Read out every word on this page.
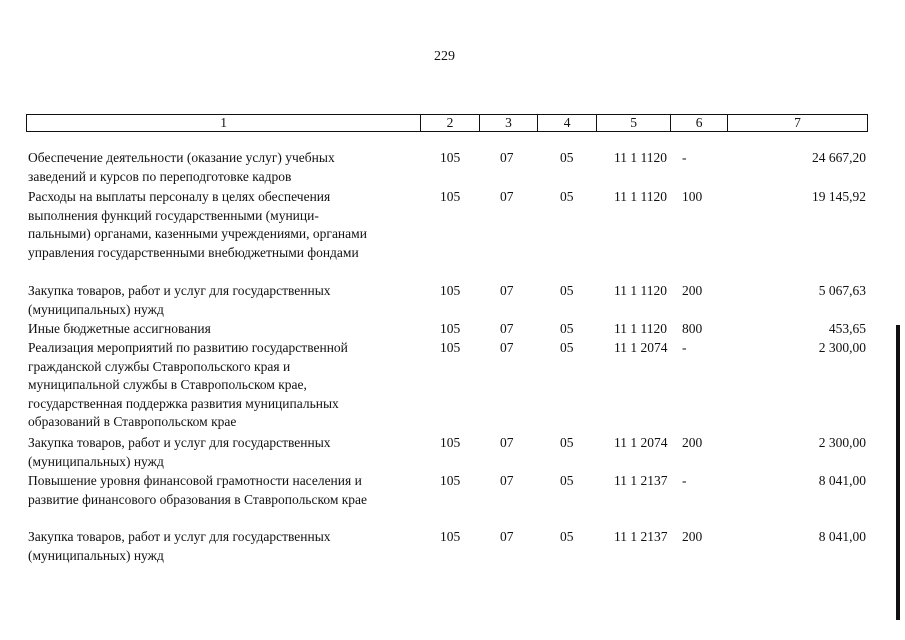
229
1	2	3	4	5	6	7
Обеспечение деятельности (оказание услуг) учебных
заведений и курсов по переподготовке кадров
105	07	05	11 1 1120	-	24 667,20
Расходы на выплаты персоналу в целях обеспечения
выполнения функций государственными (муници-
пальными) органами, казенными учреждениями, органами
управления государственными внебюджетными фондами
105	07	05	11 1 1120	100	19 145,92
Закупка товаров, работ и услуг для государственных
(муниципальных) нужд
105	07	05	11 1 1120	200	5 067,63
Иные бюджетные ассигнования	105	07	05	11 1 1120	800	453,65
Реализация мероприятий по развитию государственной
гражданской службы Ставропольского края и
муниципальной службы в Ставропольском крае,
государственная поддержка развития муниципальных
образований в Ставропольском крае
105	07	05	11 1 2074	-	2 300,00
Закупка товаров, работ и услуг для государственных
(муниципальных) нужд
105	07	05	11 1 2074	200	2 300,00
Повышение уровня финансовой грамотности населения и
развитие финансового образования в Ставропольском крае
105	07	05	11 1 2137	-	8 041,00
Закупка товаров, работ и услуг для государственных
(муниципальных) нужд
105	07	05	11 1 2137	200	8 041,00
